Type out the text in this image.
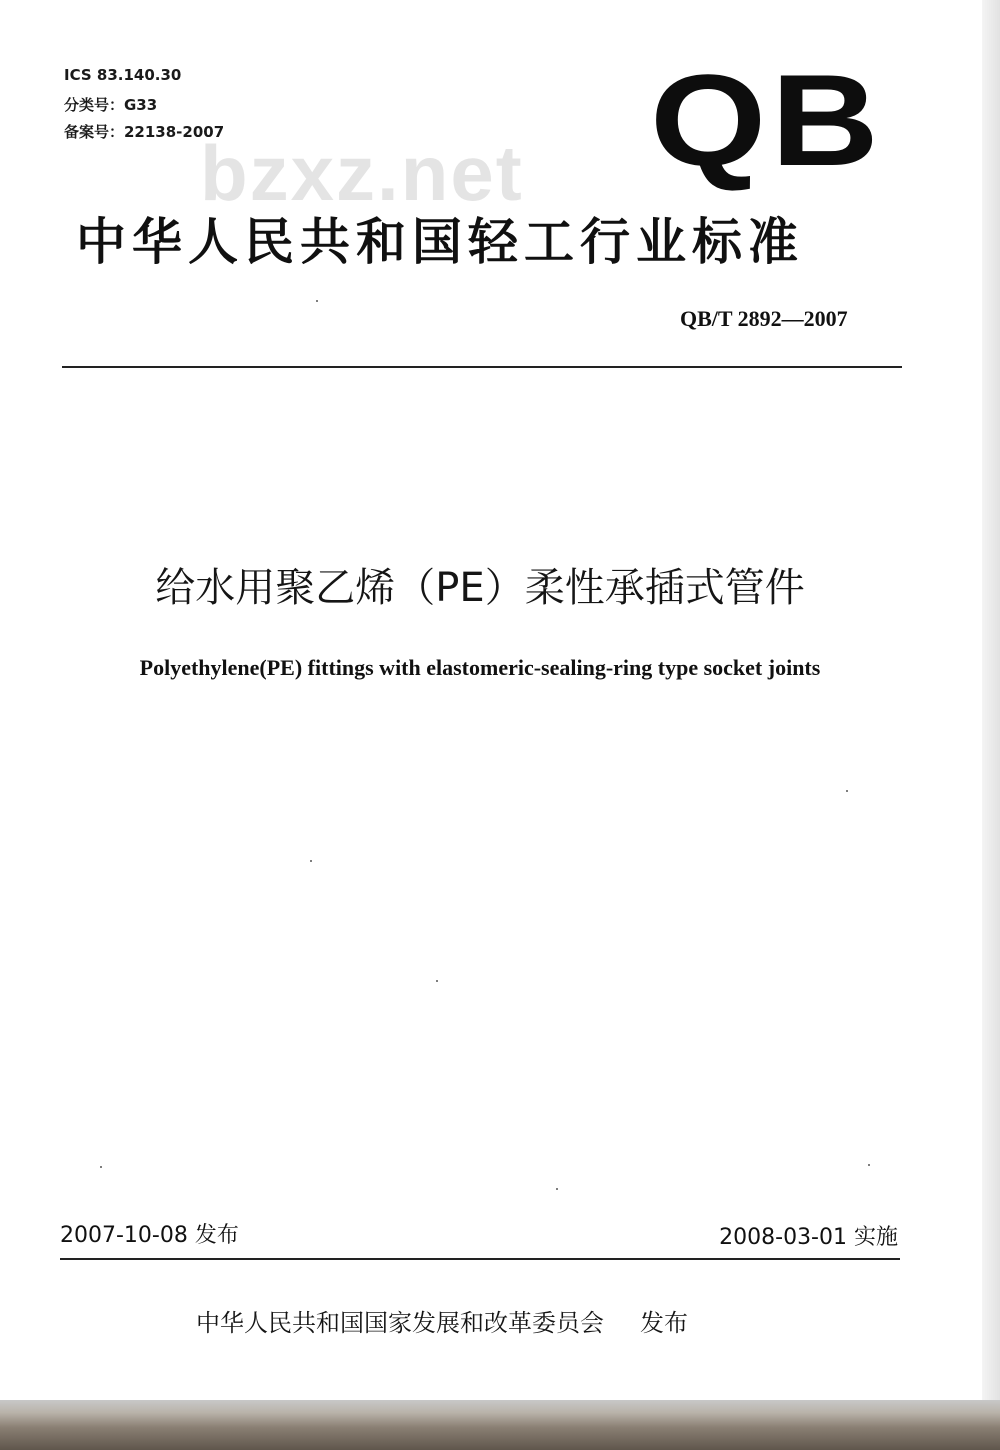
ICS 83.140.30
分类号：G33
备案号：22138-2007	QB
bzxz.net
中华人民共和国轻工行业标准
QB/T 2892—2007
给水用聚乙烯（PE）柔性承插式管件
Polyethylene(PE) fittings with elastomeric-sealing-ring type socket joints
2007-10-08 发布	2008-03-01 实施
中华人民共和国国家发展和改革委员会 发布
